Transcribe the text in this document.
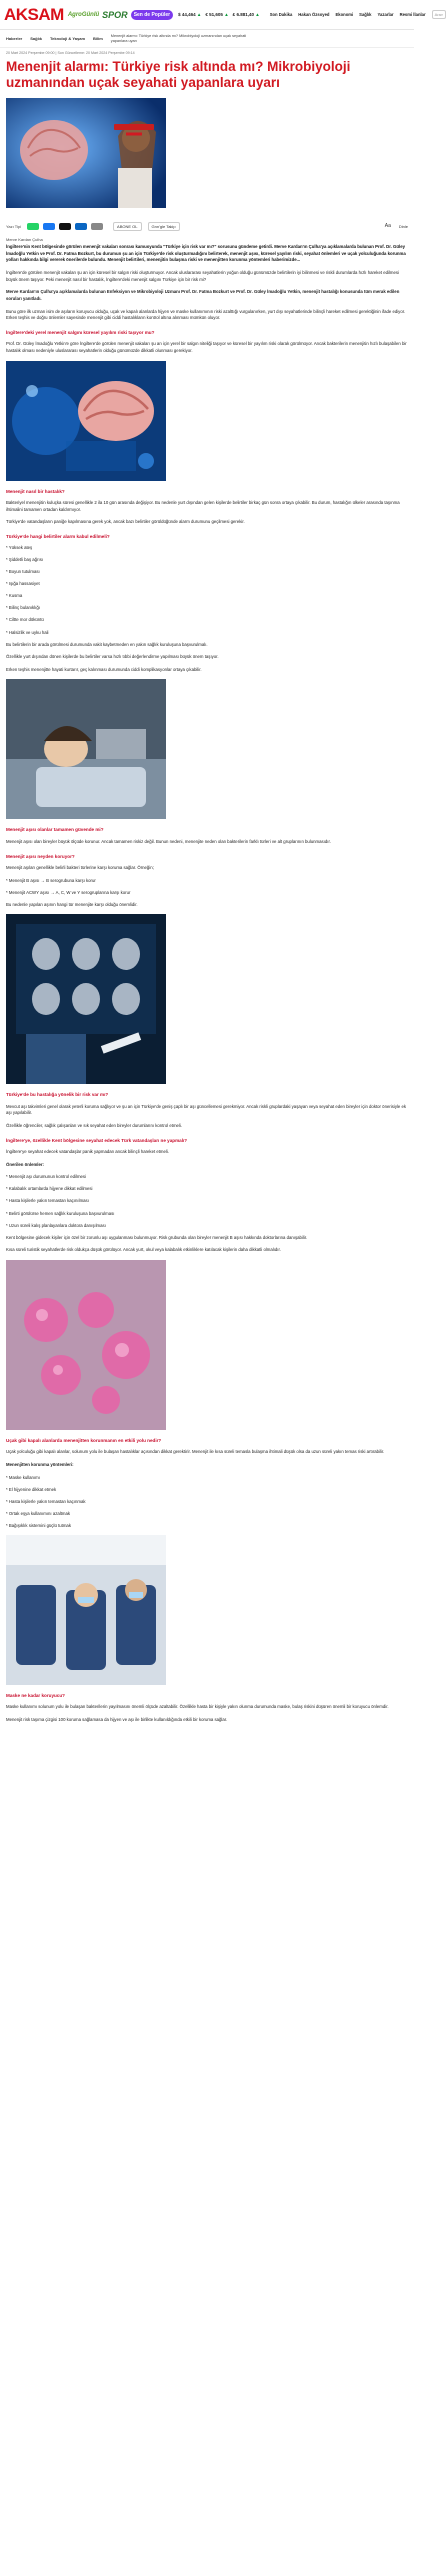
AKSAM AgroGünlü SPOR	Sen de Popüler	$ 44,464 ▲ € 51,605 ▲ £ 6.881,40 ▲ Son Dakika Hakan Özsoyed Ekonomi Sağlık Yazarlar Resmi İlanlar Ara ⌕
Haberler Sağlık Teknoloji & Yaşam Bilim
Menenjit alarmı: Türkiye risk altında mı? Mikrobiyoloji uzmanından uçak seyahati yapanlara uyarı
20 Mart 2024 Perşembe 09:00 | Son Güncelleme: 20 Mart 2024 Perşembe 09:14
Menenjit alarmı: Türkiye risk altında mı? Mikrobiyoloji uzmanından uçak seyahati yapanlara uyarı
Yazı Tipi	ABONE OL	Gnn'gle Takip	Aa Dinle
Merve Kardan Çulha

İngiltere'nin Kent bölgesinde görülen menenjit vakaları sonrası kamuoyunda "Türkiye için risk var mı?" sorusunu gündeme getirdi. Merve Kardan'ın Çulha'ya açıklamalarda bulunan Prof. Dr. Güley İmadoğlu Yetkin ve Prof. Dr. Fatma Bozkurt, bu durumun şu an için Türkiye'de risk oluşturmadığını belirterek, menenjit aşısı, küresel yayılım riski, seyahat önlemleri ve uçak yolculuğunda korunma yolları hakkında bilgi vererek önerilerde bulundu. Menenjit belirtileri, menenjitin bulaşma riski ve menenjitten korunma yöntemleri haberimizde...

İngiltere'de görülen menenjit vakaları şu an için küresel bir salgın riski oluşturmuyor. Ancak uluslararası seyahatlerin yoğun olduğu günümüzde belirtilerin iyi bilinmesi ve riskli durumlarda hızlı hareket edilmesi büyük önem taşıyor. Peki menenjit nasıl bir hastalık, İngiltere'deki menenjit salgını Türkiye için bir risk mi?

Merve Kardan'ın Çulha'ya açıklamalarda bulunan Enfeksiyon ve Mikrobiyoloji Uzmanı Prof. Dr. Fatma Bozkurt ve Prof. Dr. Güley İmadoğlu Yetkin, menenjit hastalığı konusunda tüm merak edilen soruları yanıtladı.

Bunu göre ilk uzman isim de aşıların koruyucu olduğu, uçak ve kapalı alanlarda hijyen ve maske kullanımının riski azalttığı vurgulanırken, yurt dışı seyahatlerinde bilinçli hareket edilmesi gerektiğinin ifade ediyor. Erken teşhis ve doğru önlemler sayesinde menenjit gibi ciddi hastalıkların kontrol altına alınması mümkün oluyor.

İngiltere'deki yerel menenjit salgını küresel yayılım riski taşıyor mu?

Prof. Dr. Güley İmadoğlu Yetkin'e göre İngiltere'de görülen menenjit vakaları şu an için yerel bir salgın niteliği taşıyor ve küresel bir yayılım riski olarak görülmüyor. Ancak bakterilerin menenjitin hızlı bulaşabilen bir hastalık olması nedeniyle uluslararası seyahatlerin olduğu günümüzde dikkatli olunması gerekiyor.

Menenjit nasıl bir hastalık?

Bakteriyel menenjitin kuluçka süresi genellikle 2 ila 10 gün arasında değişiyor. Bu nedenle yurt dışından gelen kişilerde belirtiler birkaç gün sonra ortaya çıkabilir. Bu durum, hastalığın ülkeler arasında taşınma ihtimalini tamamen ortadan kaldırmıyor.

Türkiye'de vatandaşların paniğe kapılmasına gerek yok, ancak bazı belirtiler görüldüğünde alarm durumunu geçilmesi gerekir.

Türkiye'de hangi belirtiler alarm kabul edilmeli?
* Yüksek ateş
* Şiddetli baş ağrısı
* Boyun tutulması
* Işığa hassasiyet
* Kusma
* Bilinç bulanıklığı
* Ciltte mor döküntü
* Halsizlik ve uyku hali

Bu belirtilerin bir arada görülmesi durumunda vakit kaybetmeden en yakın sağlık kuruluşuna başvurulmalı.

Özellikle yurt dışından dönen kişilerde bu belirtiler varsa hızlı tıbbi değerlendirme yapılması büyük önem taşıyor.

Erken teşhis menenjitte hayati kurtarır, geç kalınması durumunda ciddi komplikasyonlar ortaya çıkabilir.

Menenjit aşısı olanlar tamamen güvende mi?

Menenjit aşısı olan bireyler büyük ölçüde korunur. Ancak tamamen riskiz değil. Bunun nedeni, menenjite neden olan bakterilerin farklı türleri ve alt gruplarının bulunmasıdır.

Menenjit aşısı neyden koruyor?

Menenjit aşıları genellikle belirli bakteri türlerine karşı koruma sağlar. Örneğin;

* Menenjit B aşısı → B serogrubuna karşı korur
* Menenjit ACWY aşısı → A, C, W ve Y serogruplarına karşı korur

Bu nedenle yapılan aşının hangi tür menenjite karşı olduğu önemlidir.

Türkiye'de bu hastalığa yönelik bir risk var mı?

Mevcut aşı takvimleri genel olarak yeterli koruma sağlıyor ve şu an için Türkiye'de geniş çaplı bir aşı güncellemesi gerekmiyor. Ancak riskli gruplardaki yaşayan veya seyahat eden bireyler için doktor önerisiyle ek aşı yapılabilir.

Özellikle öğrenciler, sağlık çalışanları ve sık seyahat eden bireyler durumlarını kontrol etmeli.

İngiltere'ye, özellikle Kent bölgesine seyahat edecek Türk vatandaşları ne yapmalı?

İngiltere'ye seyahat edecek vatandaşlar panik yapmadan ancak bilinçli hareket etmeli.

Önerilen önlemler:

* Menenjit aşı durumunun kontrol edilmesi
* Kalabalık ortamlarda hijyene dikkat edilmesi
* Hasta kişilerle yakın temastan kaçınılması
* Belirti görülürse hemen sağlık kuruluşuna başvurulması
* Uzun süreli kalış planlayanlara doktora danışılması

Kent bölgesine gidecek kişiler için özel bir zorunlu aşı uygulanması bulunmuyor. Risk grubunda olan bireyler menenjit B aşısı hakkında doktorlarına danışabilir.

Kısa süreli turistik seyahatlerde risk oldukça düşük görülüyor. Ancak yurt, okul veya kalabalık etkinliklere katılacak kişilerin daha dikkatli olmalıdır.

Uçak gibi kapalı alanlarda menenjitten korunmanın en etkili yolu nedir?

Uçak yolculuğu gibi kapalı alanlar, solunum yolu ile bulaşan hastalıklar açısından dikkat gerektirir. Menenjit ile kısa süreli temasla bulaşma ihtimali düşük olsa da uzun süreli yakın temas riski artırabilir.

Menenjitten korunma yöntemleri:

* Maske kullanımı
* El hijyenine dikkat etmek
* Hasta kişilerle yakın temastan kaçınmak
* Ortak eşya kullanımını azaltmak
* Bağışıklık sistemini güçlü tutmak
Maske ne kadar koruyucu?

Maske kullanımı solunum yolu ile bulaşan bakterilerin yayılmasını önemli ölçüde azaltabilir. Özellikle hasta bir kişiyle yakın olunma durumunda maske, bulaş riskini düşüren önemli bir koruyucu önlemdir.

Menenjit risk taşıma çizgisi 100 koruma sağlamasa da hijyen ve aşı ile birlikte kullanıldığında etkili bir koruma sağlar.
